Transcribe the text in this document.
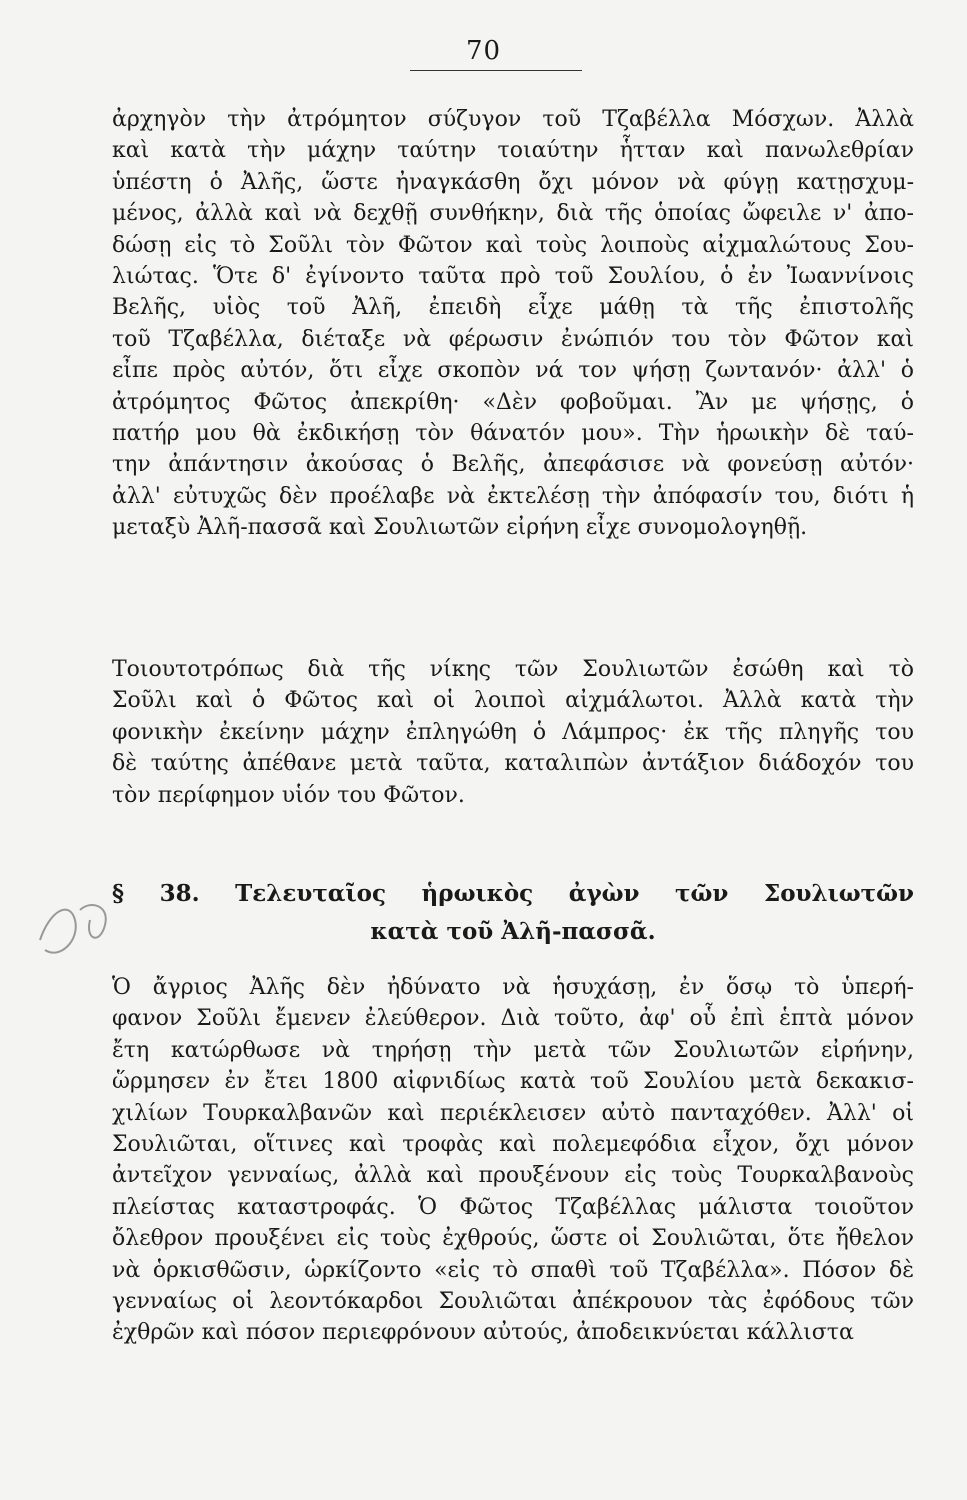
70
ἀρχηγὸν τὴν ἀτρόμητον σύζυγον τοῦ Τζαβέλλα Μόσχων. Ἀλλὰ
καὶ κατὰ τὴν μάχην ταύτην τοιαύτην ἧτταν καὶ πανωλεθρίαν
ὑπέστη ὁ Ἀλῆς, ὥστε ἠναγκάσθη ὄχι μόνον νὰ φύγῃ κατῃσχυμ-
μένος, ἀλλὰ καὶ νὰ δεχθῇ συνθήκην, διὰ τῆς ὁποίας ὤφειλε ν' ἀπο-
δώσῃ εἰς τὸ Σοῦλι τὸν Φῶτον καὶ τοὺς λοιποὺς αἰχμαλώτους Σου-
λιώτας. Ὅτε δ' ἐγίνοντο ταῦτα πρὸ τοῦ Σουλίου, ὁ ἐν Ἰωαννίνοις
Βελῆς, υἱὸς τοῦ Ἀλῆ, ἐπειδὴ εἶχε μάθῃ τὰ τῆς ἐπιστολῆς
τοῦ Τζαβέλλα, διέταξε νὰ φέρωσιν ἐνώπιόν του τὸν Φῶτον καὶ
εἶπε πρὸς αὐτόν, ὅτι εἶχε σκοπὸν νά τον ψήσῃ ζωντανόν· ἀλλ' ὁ
ἀτρόμητος Φῶτος ἀπεκρίθη· «Δὲν φοβοῦμαι. Ἂν με ψήσῃς, ὁ
πατήρ μου θὰ ἐκδικήσῃ τὸν θάνατόν μου». Τὴν ἡρωικὴν δὲ ταύ-
την ἀπάντησιν ἀκούσας ὁ Βελῆς, ἀπεφάσισε νὰ φονεύσῃ αὐτόν·
ἀλλ' εὐτυχῶς δὲν προέλαβε νὰ ἐκτελέσῃ τὴν ἀπόφασίν του, διότι ἡ
μεταξὺ Ἀλῆ-πασσᾶ καὶ Σουλιωτῶν εἰρήνη εἶχε συνομολογηθῇ.
Τοιουτοτρόπως διὰ τῆς νίκης τῶν Σουλιωτῶν ἐσώθη καὶ τὸ
Σοῦλι καὶ ὁ Φῶτος καὶ οἱ λοιποὶ αἰχμάλωτοι. Ἀλλὰ κατὰ τὴν
φονικὴν ἐκείνην μάχην ἐπληγώθη ὁ Λάμπρος· ἐκ τῆς πληγῆς του
δὲ ταύτης ἀπέθανε μετὰ ταῦτα, καταλιπὼν ἀντάξιον διάδοχόν του
τὸν περίφημον υἱόν του Φῶτον.
§ 38. Τελευταῖος ἡρωικὸς ἀγὼν τῶν Σουλιωτῶν
κατὰ τοῦ Ἀλῆ-πασσᾶ.
Ὁ ἄγριος Ἀλῆς δὲν ἠδύνατο νὰ ἡσυχάσῃ, ἐν ὅσῳ τὸ ὑπερή-
φανον Σοῦλι ἔμενεν ἐλεύθερον. Διὰ τοῦτο, ἀφ' οὗ ἐπὶ ἑπτὰ μόνον
ἔτη κατώρθωσε νὰ τηρήσῃ τὴν μετὰ τῶν Σουλιωτῶν εἰρήνην,
ὥρμησεν ἐν ἔτει 1800 αἰφνιδίως κατὰ τοῦ Σουλίου μετὰ δεκακισ-
χιλίων Τουρκαλβανῶν καὶ περιέκλεισεν αὐτὸ πανταχόθεν. Ἀλλ' οἱ
Σουλιῶται, οἵτινες καὶ τροφὰς καὶ πολεμεφόδια εἶχον, ὄχι μόνον
ἀντεῖχον γενναίως, ἀλλὰ καὶ προυξένουν εἰς τοὺς Τουρκαλβανοὺς
πλείστας καταστροφάς. Ὁ Φῶτος Τζαβέλλας μάλιστα τοιοῦτον
ὄλεθρον προυξένει εἰς τοὺς ἐχθρούς, ὥστε οἱ Σουλιῶται, ὅτε ἤθελον
νὰ ὁρκισθῶσιν, ὡρκίζοντο «εἰς τὸ σπαθὶ τοῦ Τζαβέλλα». Πόσον δὲ
γενναίως οἱ λεοντόκαρδοι Σουλιῶται ἀπέκρουον τὰς ἐφόδους τῶν
ἐχθρῶν καὶ πόσον περιεφρόνουν αὐτούς, ἀποδεικνύεται κάλλιστα
